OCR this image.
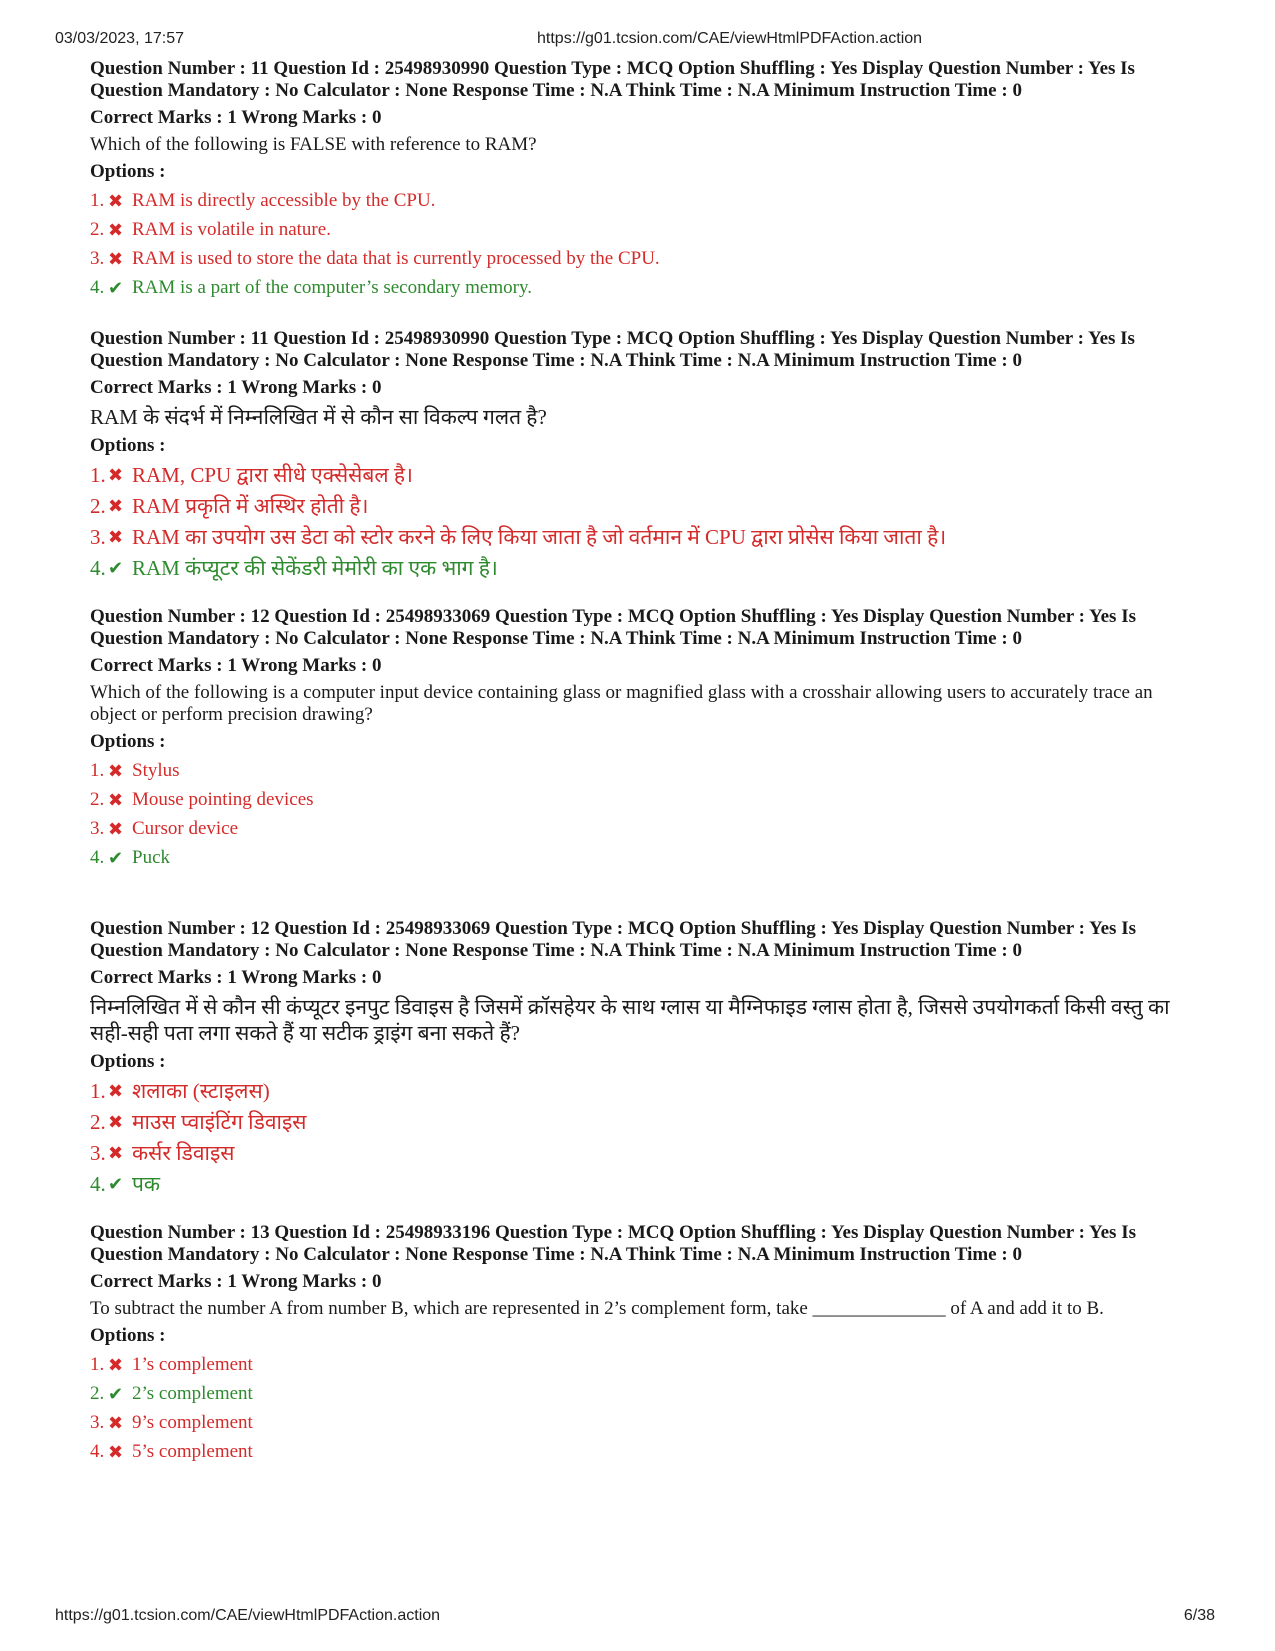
03/03/2023, 17:57	https://g01.tcsion.com/CAE/viewHtmlPDFAction.action
Question Number : 11 Question Id : 25498930990 Question Type : MCQ Option Shuffling : Yes Display Question Number : Yes Is Question Mandatory : No Calculator : None Response Time : N.A Think Time : N.A Minimum Instruction Time : 0
Correct Marks : 1 Wrong Marks : 0
Which of the following is FALSE with reference to RAM?
Options :
1. ✖ RAM is directly accessible by the CPU.
2. ✖ RAM is volatile in nature.
3. ✖ RAM is used to store the data that is currently processed by the CPU.
4. ✔ RAM is a part of the computer’s secondary memory.
Question Number : 11 Question Id : 25498930990 Question Type : MCQ Option Shuffling : Yes Display Question Number : Yes Is Question Mandatory : No Calculator : None Response Time : N.A Think Time : N.A Minimum Instruction Time : 0
Correct Marks : 1 Wrong Marks : 0
RAM के संदर्भ में निम्नलिखित में से कौन सा विकल्प गलत है?
Options :
1. ✖ RAM, CPU द्वारा सीधे एक्सेसेबल है।
2. ✖ RAM प्रकृति में अस्थिर होती है।
3. ✖ RAM का उपयोग उस डेटा को स्टोर करने के लिए किया जाता है जो वर्तमान में CPU द्वारा प्रोसेस किया जाता है।
4. ✔ RAM कंप्यूटर की सेकेंडरी मेमोरी का एक भाग है।
Question Number : 12 Question Id : 25498933069 Question Type : MCQ Option Shuffling : Yes Display Question Number : Yes Is Question Mandatory : No Calculator : None Response Time : N.A Think Time : N.A Minimum Instruction Time : 0
Correct Marks : 1 Wrong Marks : 0
Which of the following is a computer input device containing glass or magnified glass with a crosshair allowing users to accurately trace an object or perform precision drawing?
Options :
1. ✖ Stylus
2. ✖ Mouse pointing devices
3. ✖ Cursor device
4. ✔ Puck
Question Number : 12 Question Id : 25498933069 Question Type : MCQ Option Shuffling : Yes Display Question Number : Yes Is Question Mandatory : No Calculator : None Response Time : N.A Think Time : N.A Minimum Instruction Time : 0
Correct Marks : 1 Wrong Marks : 0
निम्नलिखित में से कौन सी कंप्यूटर इनपुट डिवाइस है जिसमें क्रॉसहेयर के साथ ग्लास या मैग्निफाइड ग्लास होता है, जिससे उपयोगकर्ता किसी वस्तु का सही-सही पता लगा सकते हैं या सटीक ड्राइंग बना सकते हैं?
Options :
1. ✖ शलाका (स्टाइलस)
2. ✖ माउस प्वाइंटिंग डिवाइस
3. ✖ कर्सर डिवाइस
4. ✔ पक
Question Number : 13 Question Id : 25498933196 Question Type : MCQ Option Shuffling : Yes Display Question Number : Yes Is Question Mandatory : No Calculator : None Response Time : N.A Think Time : N.A Minimum Instruction Time : 0
Correct Marks : 1 Wrong Marks : 0
To subtract the number A from number B, which are represented in 2’s complement form, take ______________ of A and add it to B.
Options :
1. ✖ 1’s complement
2. ✔ 2’s complement
3. ✖ 9’s complement
4. ✖ 5’s complement
https://g01.tcsion.com/CAE/viewHtmlPDFAction.action	6/38
